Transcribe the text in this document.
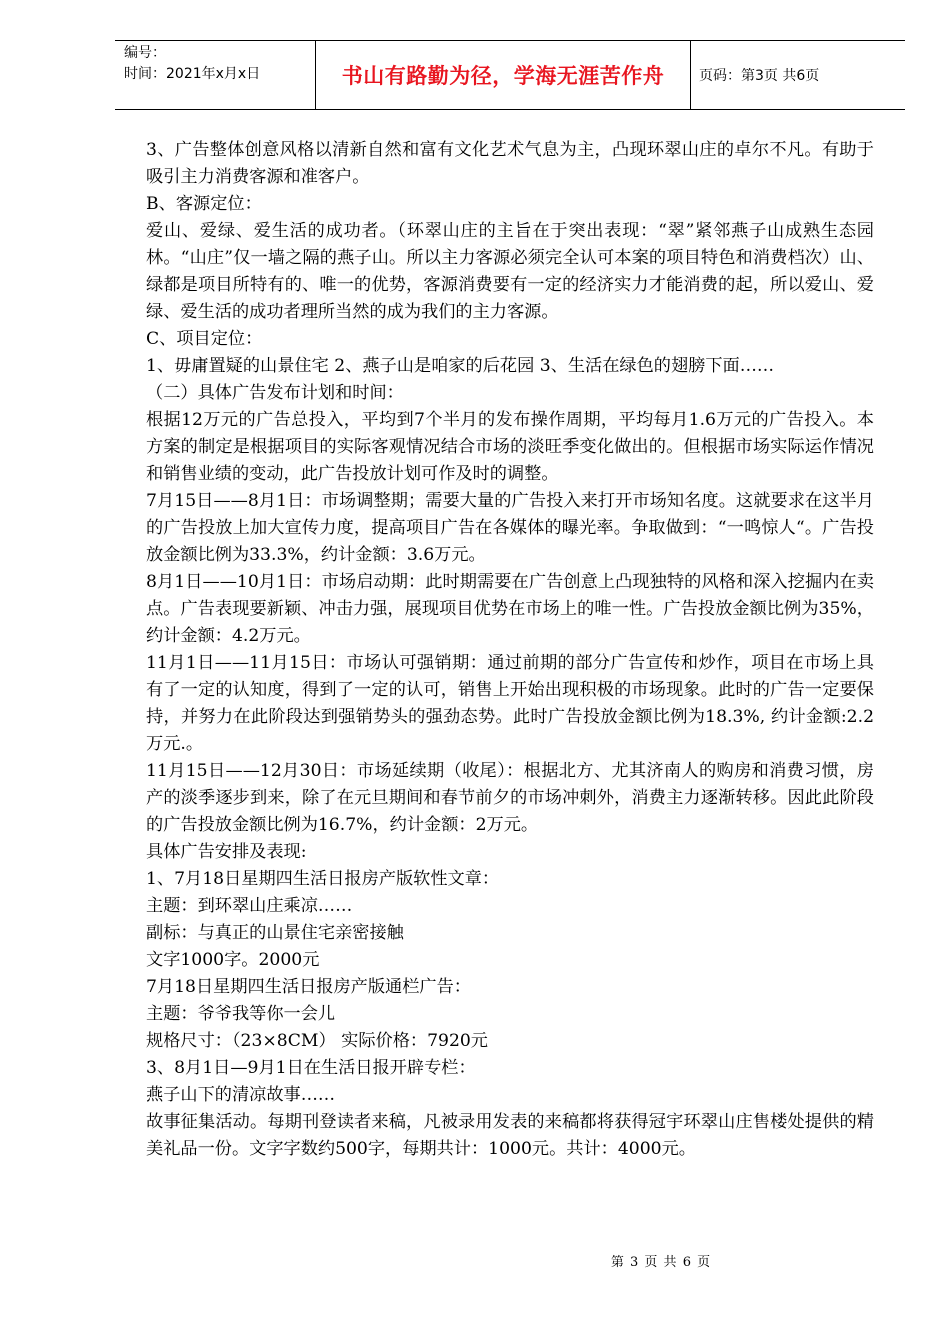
编号：
时间：2021年x月x日	书山有路勤为径，学海无涯苦作舟	页码：第3页 共6页

3、广告整体创意风格以清新自然和富有文化艺术气息为主，凸现环翠山庄的卓尔不凡。有助于吸引主力消费客源和准客户。

B、客源定位：

爱山、爱绿、爱生活的成功者。（环翠山庄的主旨在于突出表现：“翠”紧邻燕子山成熟生态园林。“山庄”仅一墙之隔的燕子山。所以主力客源必须完全认可本案的项目特色和消费档次）山、绿都是项目所特有的、唯一的优势，客源消费要有一定的经济实力才能消费的起，所以爱山、爱绿、爱生活的成功者理所当然的成为我们的主力客源。

C、项目定位：

1、毋庸置疑的山景住宅 2、燕子山是咱家的后花园 3、生活在绿色的翅膀下面……

（二）具体广告发布计划和时间：

根据12万元的广告总投入，平均到7个半月的发布操作周期，平均每月1.6万元的广告投入。本方案的制定是根据项目的实际客观情况结合市场的淡旺季变化做出的。但根据市场实际运作情况和销售业绩的变动，此广告投放计划可作及时的调整。

7月15日——8月1日：市场调整期；需要大量的广告投入来打开市场知名度。这就要求在这半月的广告投放上加大宣传力度，提高项目广告在各媒体的曝光率。争取做到：“一鸣惊人“。广告投放金额比例为33.3%，约计金额：3.6万元。

8月1日——10月1日：市场启动期：此时期需要在广告创意上凸现独特的风格和深入挖掘内在卖点。广告表现要新颖、冲击力强，展现项目优势在市场上的唯一性。广告投放金额比例为35%，约计金额：4.2万元。

11月1日——11月15日：市场认可强销期：通过前期的部分广告宣传和炒作，项目在市场上具有了一定的认知度，得到了一定的认可，销售上开始出现积极的市场现象。此时的广告一定要保持，并努力在此阶段达到强销势头的强劲态势。此时广告投放金额比例为18.3%, 约计金额:2.2万元.。

11月15日——12月30日：市场延续期（收尾）：根据北方、尤其济南人的购房和消费习惯，房产的淡季逐步到来，除了在元旦期间和春节前夕的市场冲刺外，消费主力逐渐转移。因此此阶段的广告投放金额比例为16.7%，约计金额：2万元。

具体广告安排及表现:

1、7月18日星期四生活日报房产版软性文章：

主题：到环翠山庄乘凉……

副标：与真正的山景住宅亲密接触

文字1000字。2000元

7月18日星期四生活日报房产版通栏广告：

主题：爷爷我等你一会儿

规格尺寸：（23×8CM） 实际价格：7920元

3、8月1日—9月1日在生活日报开辟专栏：

燕子山下的清凉故事……

故事征集活动。每期刊登读者来稿，凡被录用发表的来稿都将获得冠宇环翠山庄售楼处提供的精美礼品一份。文字字数约500字，每期共计：1000元。共计：4000元。

第 3 页 共 6 页
